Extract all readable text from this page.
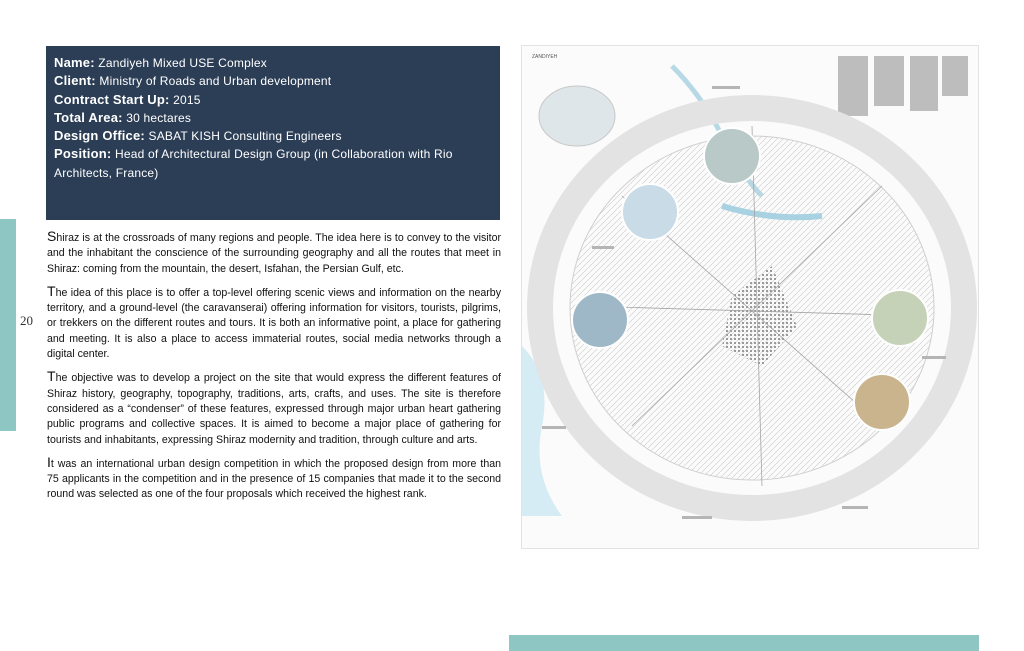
20
Name: Zandiyeh Mixed USE Complex
Client: Ministry of Roads and Urban development
Contract Start Up: 2015
Total Area: 30 hectares
Design Office: SABAT KISH Consulting Engineers
Position: Head of Architectural Design Group (in Collaboration with Rio Architects, France)

Shiraz is at the crossroads of many regions and people. The idea here is to convey to the visitor and the inhabitant the conscience of the surrounding geography and all the routes that meet in Shiraz: coming from the mountain, the desert, Isfahan, the Persian Gulf, etc.

The idea of this place is to offer a top-level offering scenic views and information on the nearby territory, and a ground-level (the caravanserai) offering information for visitors, tourists, pilgrims, or trekkers on the different routes and tours. It is both an informative point, a place for gathering and meeting. It is also a place to access immaterial routes, social media networks through a digital center.

The objective was to develop a project on the site that would express the different features of Shiraz history, geography, topography, traditions, arts, crafts, and uses. The site is therefore considered as a “condenser” of these features, expressed through major urban heart gathering public programs and collective spaces. It is aimed to become a major place of gathering for tourists and inhabitants, expressing Shiraz modernity and tradition, through culture and arts.

It was an international urban design competition in which the proposed design from more than 75 applicants in the competition and in the presence of 15 companies that made it to the second round was selected as one of the four proposals which received the highest rank.

ZANDIYEH
